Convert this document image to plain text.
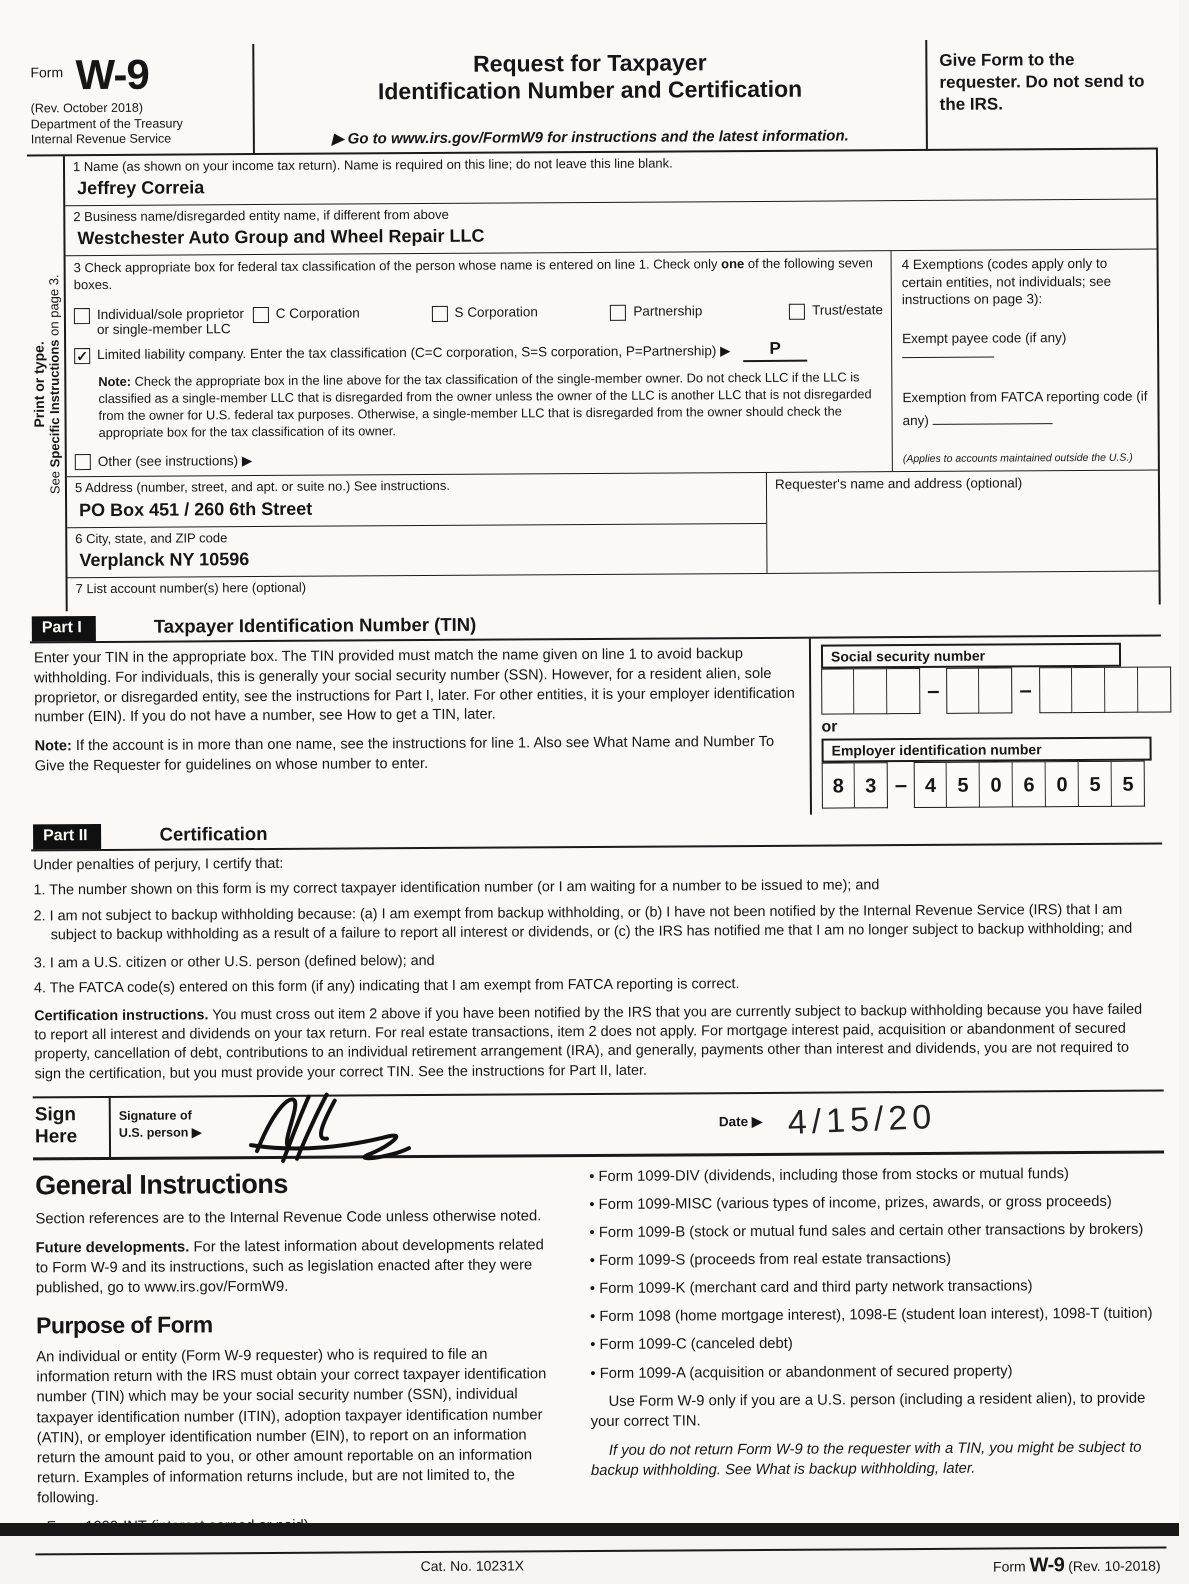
Form W-9
(Rev. October 2018)
Department of the Treasury
Internal Revenue Service
Request for Taxpayer
Identification Number and Certification
▶ Go to www.irs.gov/FormW9 for instructions and the latest information.
Give Form to the requester. Do not send to the IRS.
Print or type.
See Specific Instructions on page 3.
1 Name (as shown on your income tax return). Name is required on this line; do not leave this line blank.
Jeffrey Correia
2 Business name/disregarded entity name, if different from above
Westchester Auto Group and Wheel Repair LLC
3 Check appropriate box for federal tax classification of the person whose name is entered on line 1. Check only one of the following seven boxes.
Individual/sole proprietor or single-member LLC
C Corporation	S Corporation	Partnership	Trust/estate
✓ Limited liability company. Enter the tax classification (C=C corporation, S=S corporation, P=Partnership) ▶	P
Note: Check the appropriate box in the line above for the tax classification of the single-member owner. Do not check LLC if the LLC is classified as a single-member LLC that is disregarded from the owner unless the owner of the LLC is another LLC that is not disregarded from the owner for U.S. federal tax purposes. Otherwise, a single-member LLC that is disregarded from the owner should check the appropriate box for the tax classification of its owner.
Other (see instructions) ▶
4 Exemptions (codes apply only to certain entities, not individuals; see instructions on page 3):
Exempt payee code (if any)
Exemption from FATCA reporting code (if any)
(Applies to accounts maintained outside the U.S.)
5 Address (number, street, and apt. or suite no.) See instructions.
PO Box 451 / 260 6th Street
6 City, state, and ZIP code
Verplanck NY 10596
Requester's name and address (optional)
7 List account number(s) here (optional)
Part I	Taxpayer Identification Number (TIN)
Enter your TIN in the appropriate box. The TIN provided must match the name given on line 1 to avoid backup withholding. For individuals, this is generally your social security number (SSN). However, for a resident alien, sole proprietor, or disregarded entity, see the instructions for Part I, later. For other entities, it is your employer identification number (EIN). If you do not have a number, see How to get a TIN, later.
Note: If the account is in more than one name, see the instructions for line 1. Also see What Name and Number To Give the Requester for guidelines on whose number to enter.
Social security number
–	–
or
Employer identification number
8	3 – 4	5	0	6	0	5	5
Part II	Certification
Under penalties of perjury, I certify that:
1. The number shown on this form is my correct taxpayer identification number (or I am waiting for a number to be issued to me); and
2. I am not subject to backup withholding because: (a) I am exempt from backup withholding, or (b) I have not been notified by the Internal Revenue Service (IRS) that I am subject to backup withholding as a result of a failure to report all interest or dividends, or (c) the IRS has notified me that I am no longer subject to backup withholding; and
3. I am a U.S. citizen or other U.S. person (defined below); and
4. The FATCA code(s) entered on this form (if any) indicating that I am exempt from FATCA reporting is correct.
Certification instructions. You must cross out item 2 above if you have been notified by the IRS that you are currently subject to backup withholding because you have failed to report all interest and dividends on your tax return. For real estate transactions, item 2 does not apply. For mortgage interest paid, acquisition or abandonment of secured property, cancellation of debt, contributions to an individual retirement arrangement (IRA), and generally, payments other than interest and dividends, you are not required to sign the certification, but you must provide your correct TIN. See the instructions for Part II, later.
Sign
Here
Signature of
U.S. person ▶
Date ▶ 4/15/20
General Instructions
Section references are to the Internal Revenue Code unless otherwise noted.
Future developments. For the latest information about developments related to Form W-9 and its instructions, such as legislation enacted after they were published, go to www.irs.gov/FormW9.
Purpose of Form
An individual or entity (Form W-9 requester) who is required to file an information return with the IRS must obtain your correct taxpayer identification number (TIN) which may be your social security number (SSN), individual taxpayer identification number (ITIN), adoption taxpayer identification number (ATIN), or employer identification number (EIN), to report on an information return the amount paid to you, or other amount reportable on an information return. Examples of information returns include, but are not limited to, the following.
• Form 1099-DIV (dividends, including those from stocks or mutual funds)
• Form 1099-MISC (various types of income, prizes, awards, or gross proceeds)
• Form 1099-B (stock or mutual fund sales and certain other transactions by brokers)
• Form 1099-S (proceeds from real estate transactions)
• Form 1099-K (merchant card and third party network transactions)
• Form 1098 (home mortgage interest), 1098-E (student loan interest), 1098-T (tuition)
• Form 1099-C (canceled debt)
• Form 1099-A (acquisition or abandonment of secured property)
Use Form W-9 only if you are a U.S. person (including a resident alien), to provide your correct TIN.
If you do not return Form W-9 to the requester with a TIN, you might be subject to backup withholding. See What is backup withholding, later.
Cat. No. 10231X	Form W-9 (Rev. 10-2018)
